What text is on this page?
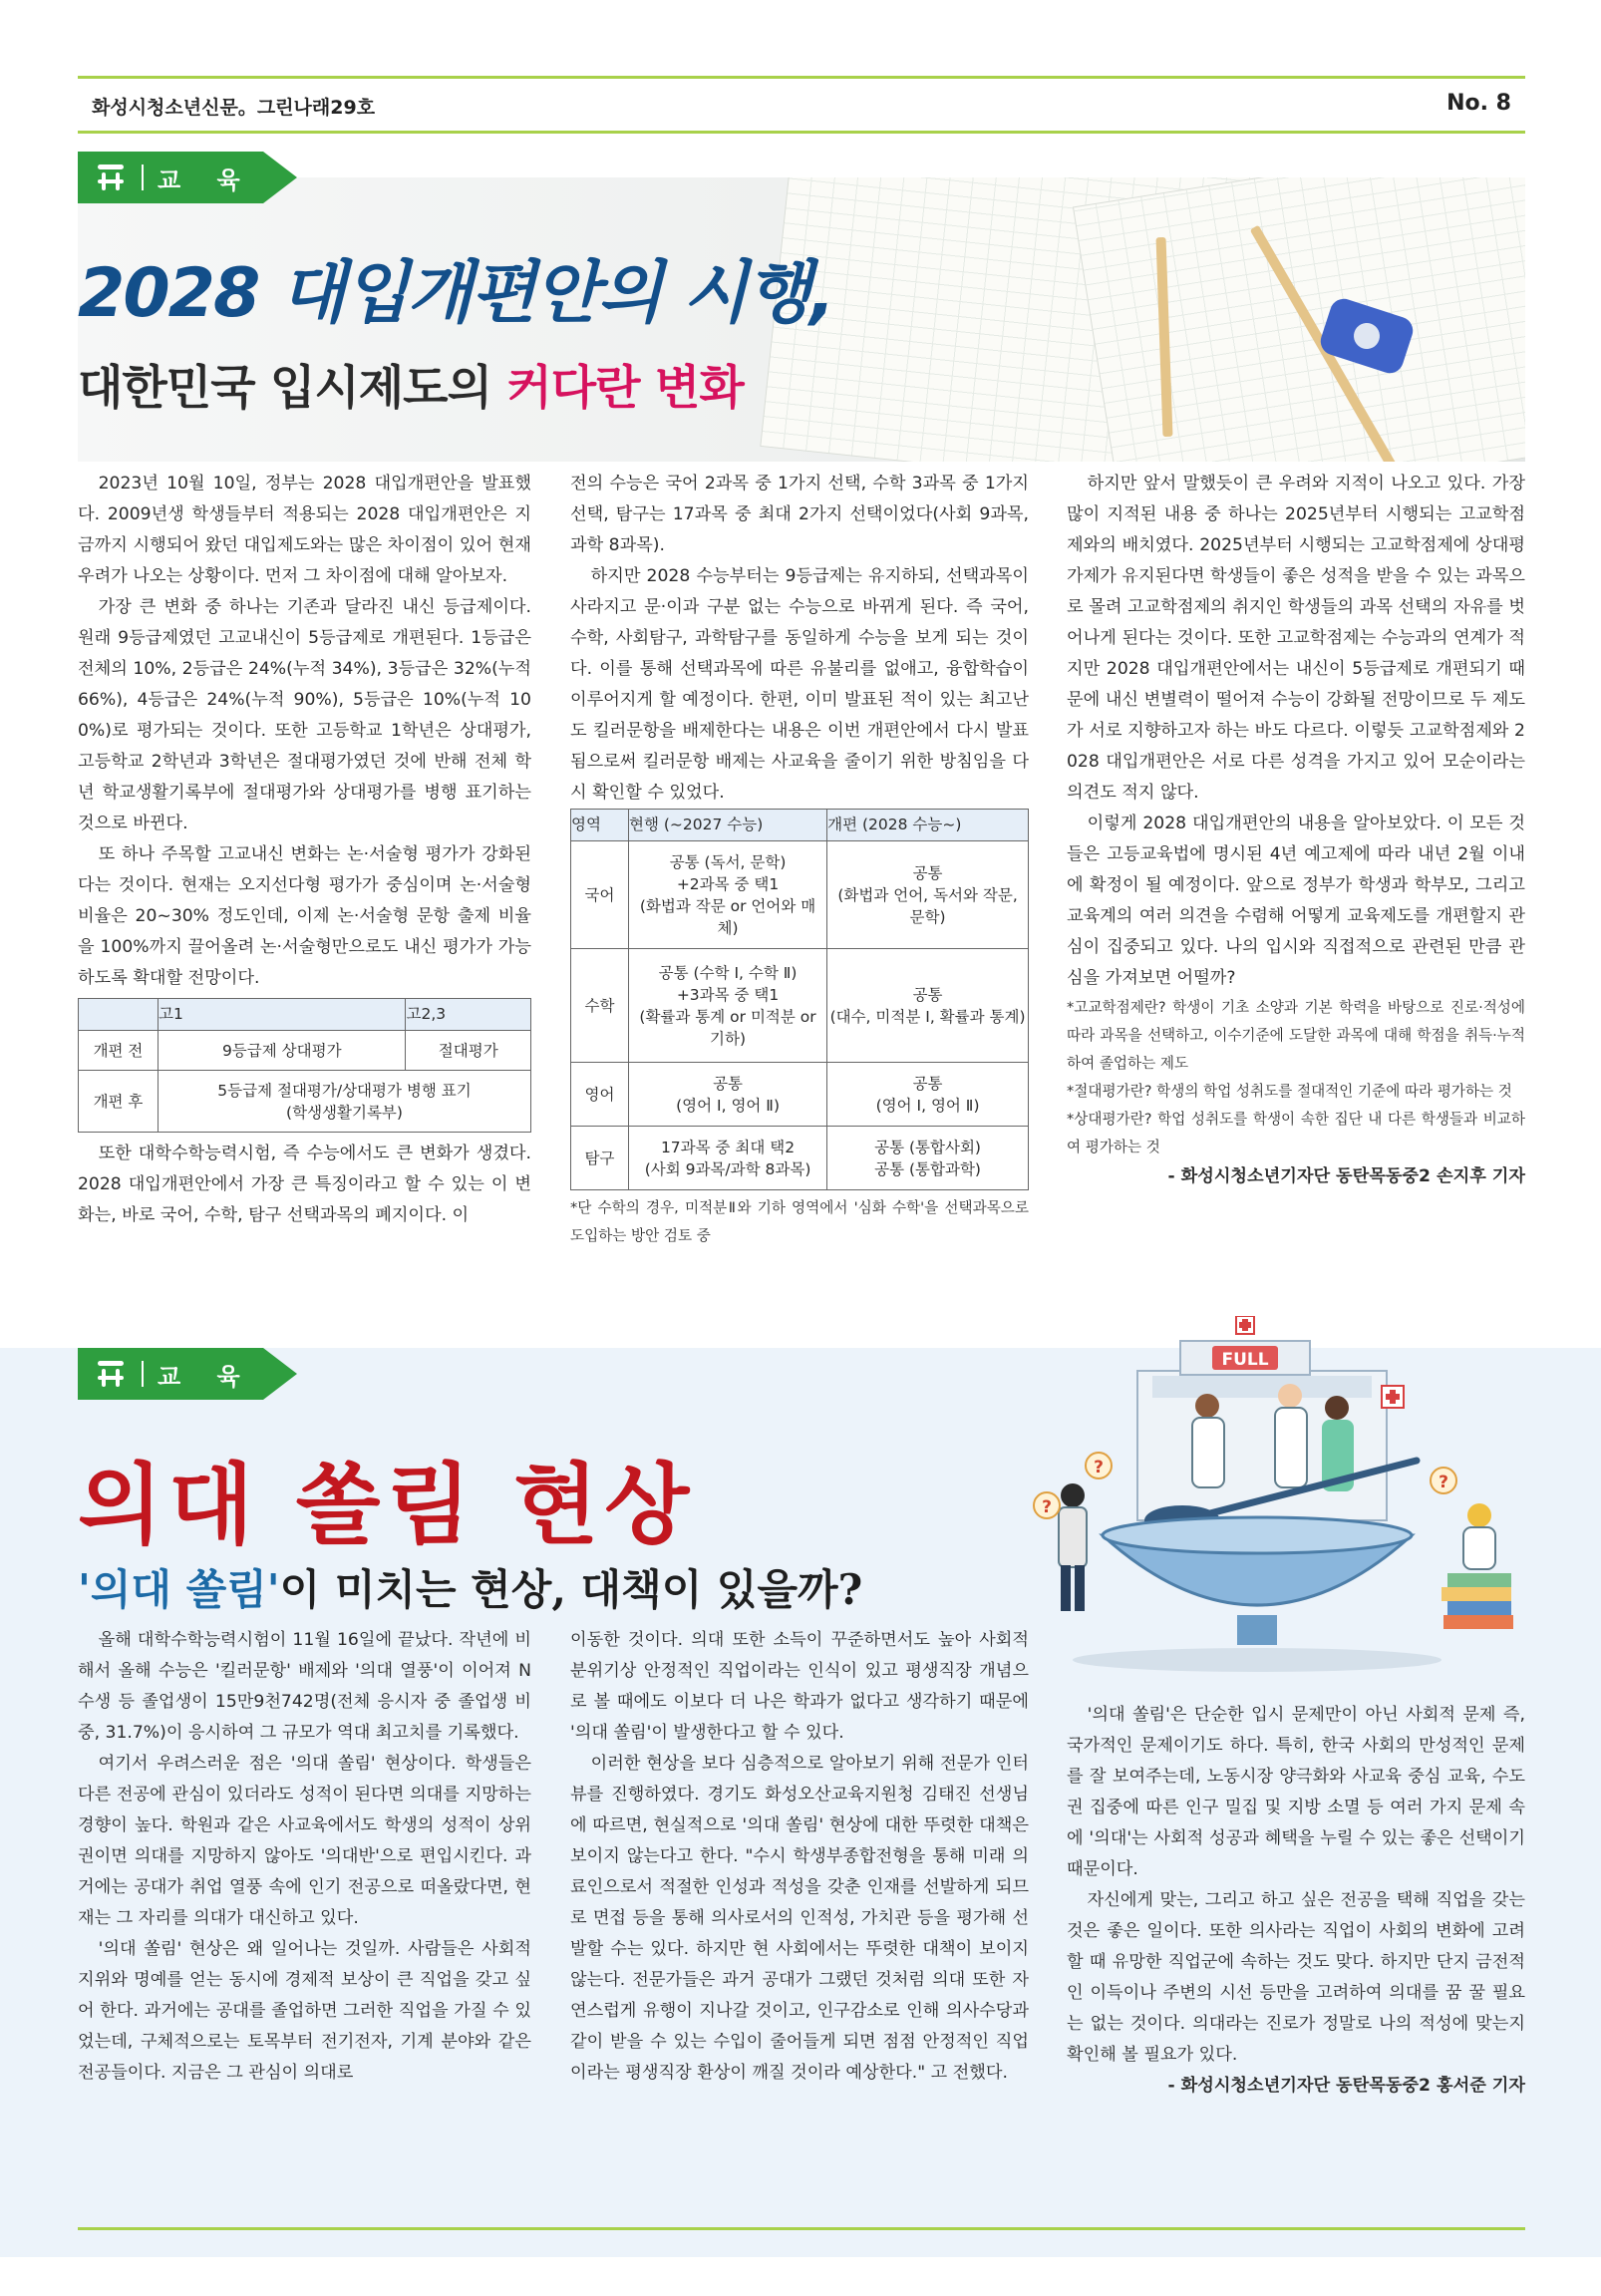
화성시청소년신문。그린나래29호	No. 8
교 육
2028 대입개편안의 시행,
대한민국 입시제도의 커다란 변화

2023년 10월 10일, 정부는 2028 대입개편안을 발표했다. 2009년생 학생들부터 적용되는 2028 대입개편안은 지금까지 시행되어 왔던 대입제도와는 많은 차이점이 있어 현재 우려가 나오는 상황이다. 먼저 그 차이점에 대해 알아보자.

가장 큰 변화 중 하나는 기존과 달라진 내신 등급제이다. 원래 9등급제였던 고교내신이 5등급제로 개편된다. 1등급은 전체의 10%, 2등급은 24%(누적 34%), 3등급은 32%(누적 66%), 4등급은 24%(누적 90%), 5등급은 10%(누적 100%)로 평가되는 것이다. 또한 고등학교 1학년은 상대평가, 고등학교 2학년과 3학년은 절대평가였던 것에 반해 전체 학년 학교생활기록부에 절대평가와 상대평가를 병행 표기하는 것으로 바뀐다.

또 하나 주목할 고교내신 변화는 논·서술형 평가가 강화된다는 것이다. 현재는 오지선다형 평가가 중심이며 논·서술형 비율은 20~30% 정도인데, 이제 논·서술형 문항 출제 비율을 100%까지 끌어올려 논·서술형만으로도 내신 평가가 가능하도록 확대할 전망이다.

	고1	고2,3
개편 전	9등급제 상대평가	절대평가
개편 후	5등급제 절대평가/상대평가 병행 표기
(학생생활기록부)	

또한 대학수학능력시험, 즉 수능에서도 큰 변화가 생겼다. 2028 대입개편안에서 가장 큰 특징이라고 할 수 있는 이 변화는, 바로 국어, 수학, 탐구 선택과목의 폐지이다. 이

전의 수능은 국어 2과목 중 1가지 선택, 수학 3과목 중 1가지 선택, 탐구는 17과목 중 최대 2가지 선택이었다(사회 9과목, 과학 8과목).

하지만 2028 수능부터는 9등급제는 유지하되, 선택과목이 사라지고 문·이과 구분 없는 수능으로 바뀌게 된다. 즉 국어, 수학, 사회탐구, 과학탐구를 동일하게 수능을 보게 되는 것이다. 이를 통해 선택과목에 따른 유불리를 없애고, 융합학습이 이루어지게 할 예정이다. 한편, 이미 발표된 적이 있는 최고난도 킬러문항을 배제한다는 내용은 이번 개편안에서 다시 발표됨으로써 킬러문항 배제는 사교육을 줄이기 위한 방침임을 다시 확인할 수 있었다.

영역	현행 (~2027 수능)	개편 (2028 수능~)
국어	공통 (독서, 문학)
+2과목 중 택1
(화법과 작문 or 언어와 매체)	공통
(화법과 언어, 독서와 작문, 문학)
수학	공통 (수학 Ⅰ, 수학 Ⅱ)
+3과목 중 택1
(확률과 통계 or 미적분 or 기하)	공통
(대수, 미적분 Ⅰ, 확률과 통계)
영어	공통
(영어 Ⅰ, 영어 Ⅱ)	공통
(영어 Ⅰ, 영어 Ⅱ)
탐구	17과목 중 최대 택2
(사회 9과목/과학 8과목)	공통 (통합사회)
공통 (통합과학)

*단 수학의 경우, 미적분Ⅱ와 기하 영역에서 '심화 수학'을 선택과목으로 도입하는 방안 검토 중

하지만 앞서 말했듯이 큰 우려와 지적이 나오고 있다. 가장 많이 지적된 내용 중 하나는 2025년부터 시행되는 고교학점제와의 배치였다. 2025년부터 시행되는 고교학점제에 상대평가제가 유지된다면 학생들이 좋은 성적을 받을 수 있는 과목으로 몰려 고교학점제의 취지인 학생들의 과목 선택의 자유를 벗어나게 된다는 것이다. 또한 고교학점제는 수능과의 연계가 적지만 2028 대입개편안에서는 내신이 5등급제로 개편되기 때문에 내신 변별력이 떨어져 수능이 강화될 전망이므로 두 제도가 서로 지향하고자 하는 바도 다르다. 이렇듯 고교학점제와 2028 대입개편안은 서로 다른 성격을 가지고 있어 모순이라는 의견도 적지 않다.

이렇게 2028 대입개편안의 내용을 알아보았다. 이 모든 것들은 고등교육법에 명시된 4년 예고제에 따라 내년 2월 이내에 확정이 될 예정이다. 앞으로 정부가 학생과 학부모, 그리고 교육계의 여러 의견을 수렴해 어떻게 교육제도를 개편할지 관심이 집중되고 있다. 나의 입시와 직접적으로 관련된 만큼 관심을 가져보면 어떨까?

*고교학점제란? 학생이 기초 소양과 기본 학력을 바탕으로 진로·적성에 따라 과목을 선택하고, 이수기준에 도달한 과목에 대해 학점을 취득·누적하여 졸업하는 제도

*절대평가란? 학생의 학업 성취도를 절대적인 기준에 따라 평가하는 것

*상대평가란? 학업 성취도를 학생이 속한 집단 내 다른 학생들과 비교하여 평가하는 것

- 화성시청소년기자단 동탄목동중2 손지후 기자

교 육
의대 쏠림 현상
'의대 쏠림'이 미치는 현상, 대책이 있을까?
FULL
?
?
?

올해 대학수학능력시험이 11월 16일에 끝났다. 작년에 비해서 올해 수능은 '킬러문항' 배제와 '의대 열풍'이 이어져 N수생 등 졸업생이 15만9천742명(전체 응시자 중 졸업생 비중, 31.7%)이 응시하여 그 규모가 역대 최고치를 기록했다.

여기서 우려스러운 점은 '의대 쏠림' 현상이다. 학생들은 다른 전공에 관심이 있더라도 성적이 된다면 의대를 지망하는 경향이 높다. 학원과 같은 사교육에서도 학생의 성적이 상위권이면 의대를 지망하지 않아도 '의대반'으로 편입시킨다. 과거에는 공대가 취업 열풍 속에 인기 전공으로 떠올랐다면, 현재는 그 자리를 의대가 대신하고 있다.

'의대 쏠림' 현상은 왜 일어나는 것일까. 사람들은 사회적 지위와 명예를 얻는 동시에 경제적 보상이 큰 직업을 갖고 싶어 한다. 과거에는 공대를 졸업하면 그러한 직업을 가질 수 있었는데, 구체적으로는 토목부터 전기전자, 기계 분야와 같은 전공들이다. 지금은 그 관심이 의대로

이동한 것이다. 의대 또한 소득이 꾸준하면서도 높아 사회적 분위기상 안정적인 직업이라는 인식이 있고 평생직장 개념으로 볼 때에도 이보다 더 나은 학과가 없다고 생각하기 때문에 '의대 쏠림'이 발생한다고 할 수 있다.

이러한 현상을 보다 심층적으로 알아보기 위해 전문가 인터뷰를 진행하였다. 경기도 화성오산교육지원청 김태진 선생님에 따르면, 현실적으로 '의대 쏠림' 현상에 대한 뚜렷한 대책은 보이지 않는다고 한다. "수시 학생부종합전형을 통해 미래 의료인으로서 적절한 인성과 적성을 갖춘 인재를 선발하게 되므로 면접 등을 통해 의사로서의 인적성, 가치관 등을 평가해 선발할 수는 있다. 하지만 현 사회에서는 뚜렷한 대책이 보이지 않는다. 전문가들은 과거 공대가 그랬던 것처럼 의대 또한 자연스럽게 유행이 지나갈 것이고, 인구감소로 인해 의사수당과 같이 받을 수 있는 수입이 줄어들게 되면 점점 안정적인 직업이라는 평생직장 환상이 깨질 것이라 예상한다." 고 전했다.

'의대 쏠림'은 단순한 입시 문제만이 아닌 사회적 문제 즉, 국가적인 문제이기도 하다. 특히, 한국 사회의 만성적인 문제를 잘 보여주는데, 노동시장 양극화와 사교육 중심 교육, 수도권 집중에 따른 인구 밀집 및 지방 소멸 등 여러 가지 문제 속에 '의대'는 사회적 성공과 혜택을 누릴 수 있는 좋은 선택이기 때문이다.

자신에게 맞는, 그리고 하고 싶은 전공을 택해 직업을 갖는 것은 좋은 일이다. 또한 의사라는 직업이 사회의 변화에 고려할 때 유망한 직업군에 속하는 것도 맞다. 하지만 단지 금전적인 이득이나 주변의 시선 등만을 고려하여 의대를 꿈 꿀 필요는 없는 것이다. 의대라는 진로가 정말로 나의 적성에 맞는지 확인해 볼 필요가 있다.

- 화성시청소년기자단 동탄목동중2 홍서준 기자
